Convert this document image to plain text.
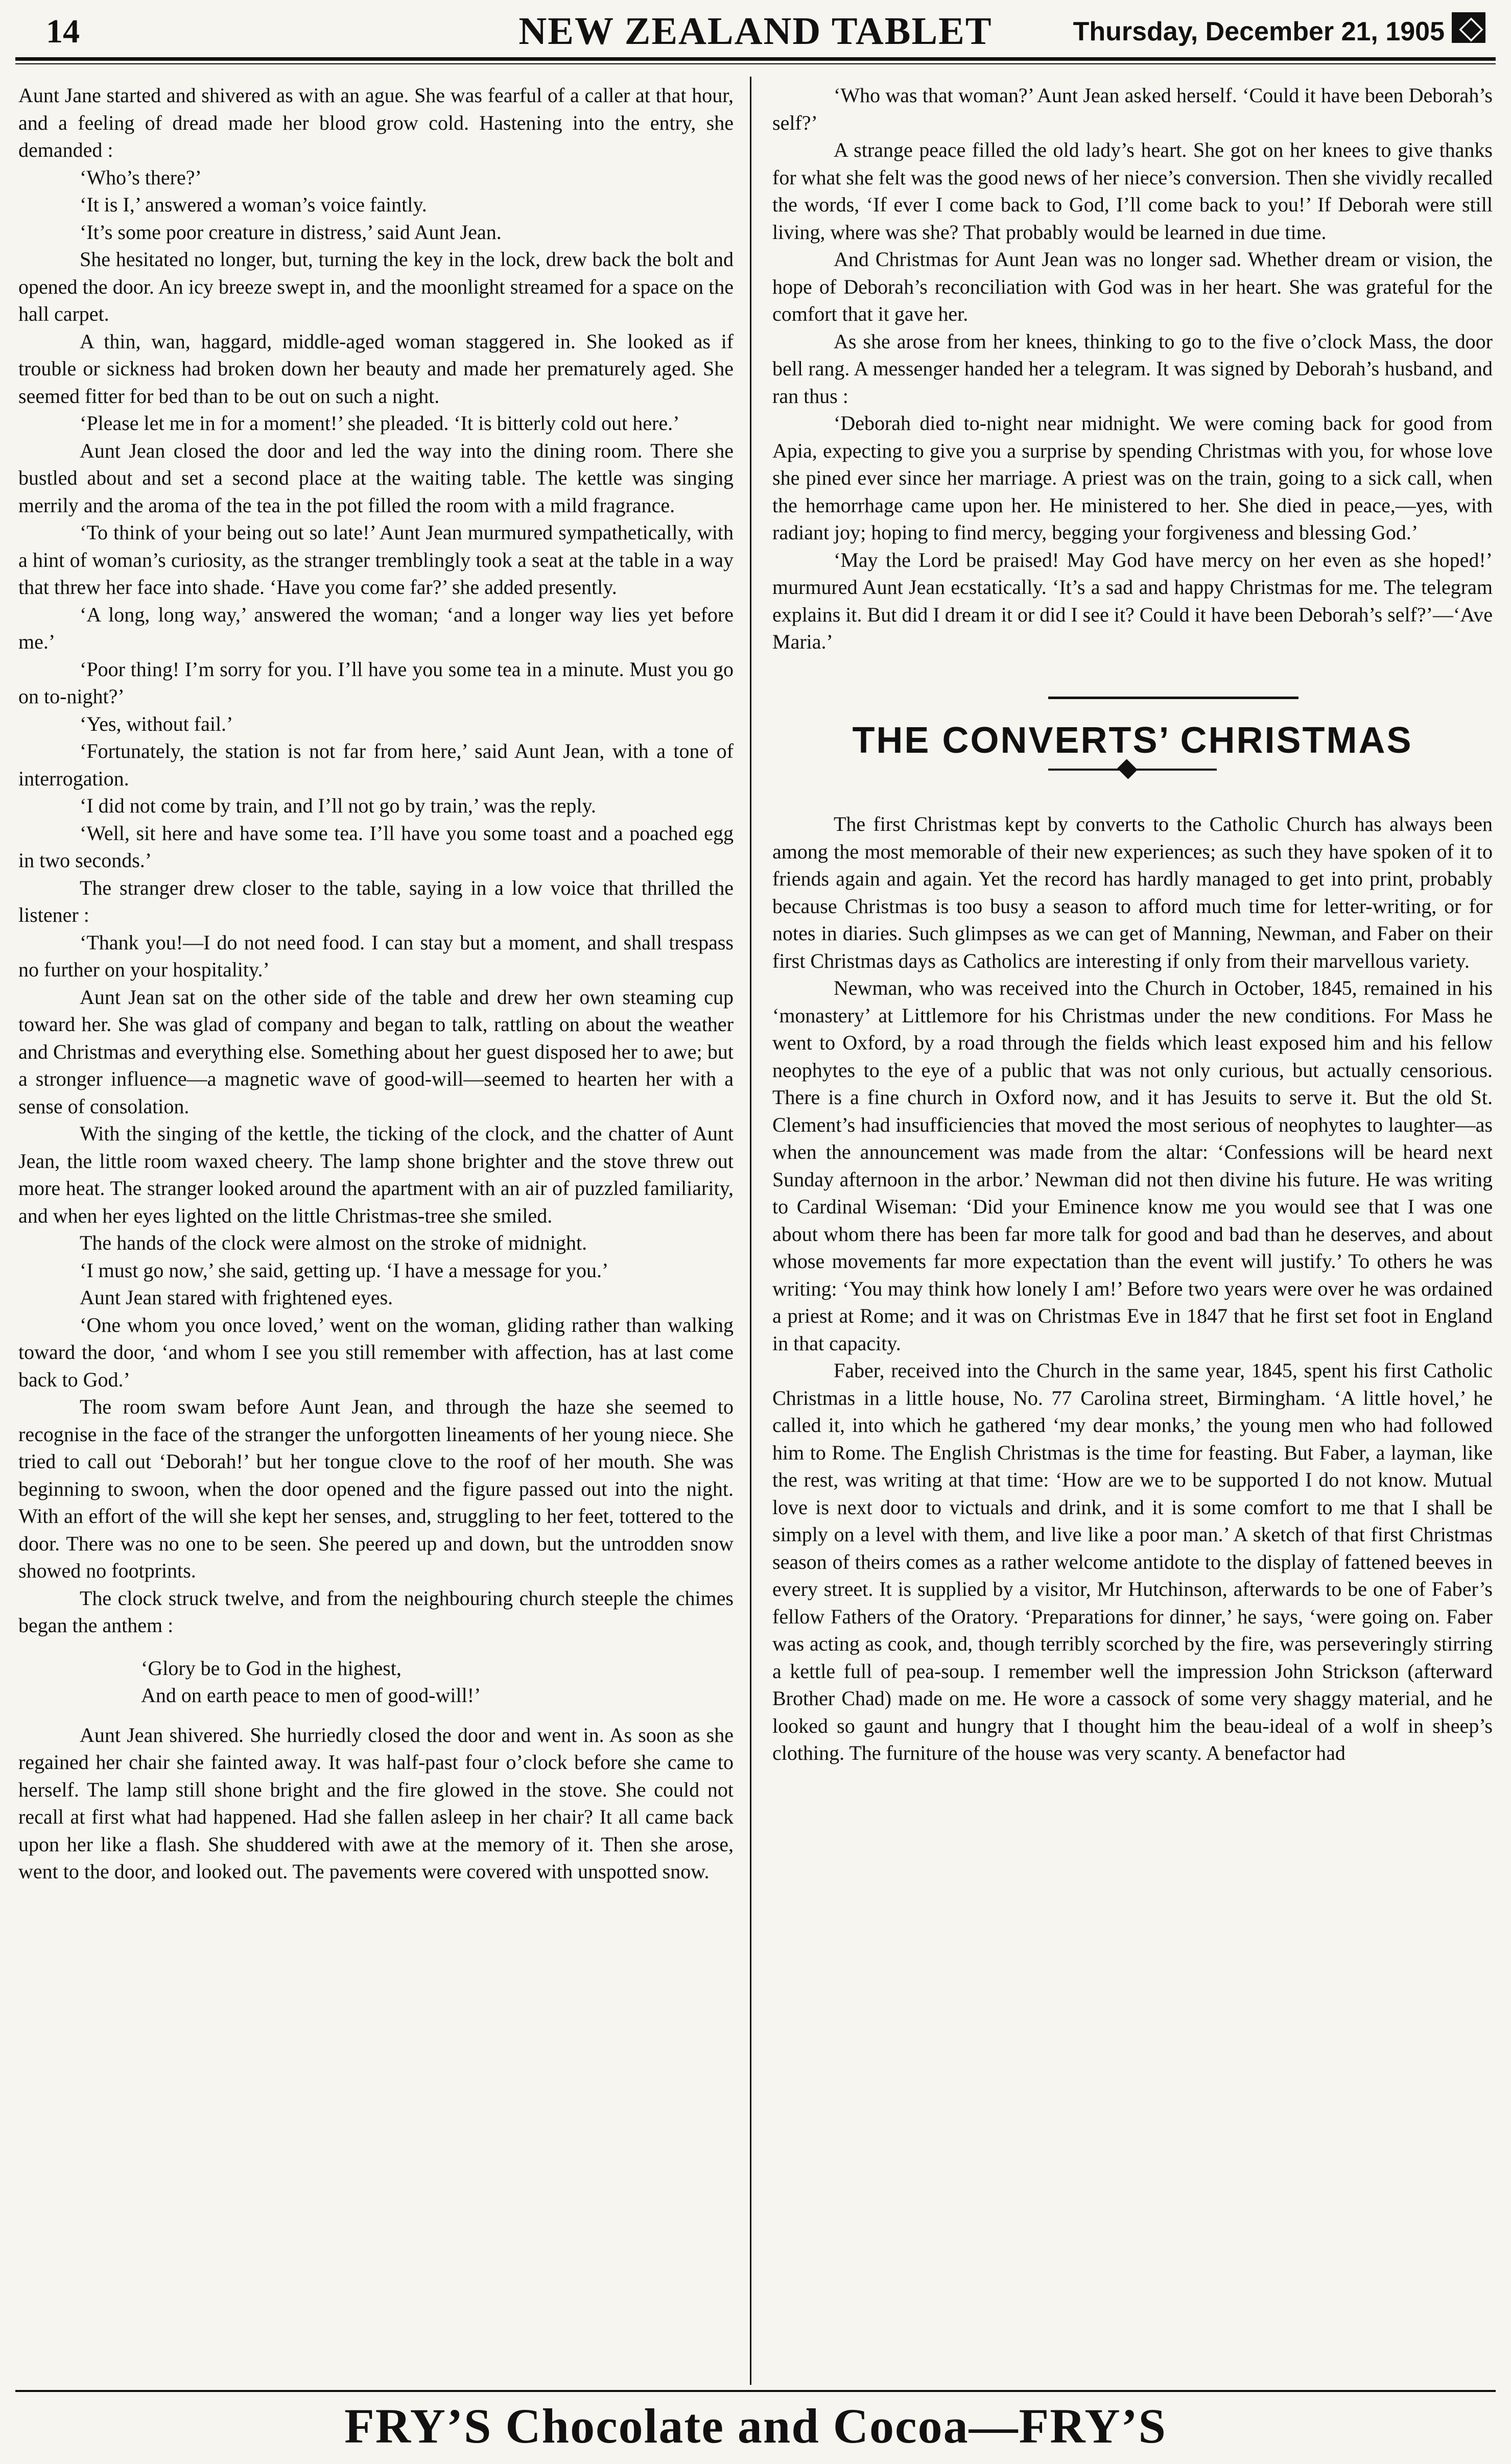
14	NEW ZEALAND TABLET	Thursday, December 21, 1905

Aunt Jane started and shivered as with an ague. She was fearful of a caller at that hour, and a feeling of dread made her blood grow cold. Hastening into the entry, she demanded :

‘Who’s there?’

‘It is I,’ answered a woman’s voice faintly.

‘It’s some poor creature in distress,’ said Aunt Jean.

She hesitated no longer, but, turning the key in the lock, drew back the bolt and opened the door. An icy breeze swept in, and the moonlight streamed for a space on the hall carpet.

A thin, wan, haggard, middle-aged woman staggered in. She looked as if trouble or sickness had broken down her beauty and made her prematurely aged. She seemed fitter for bed than to be out on such a night.

‘Please let me in for a moment!’ she pleaded. ‘It is bitterly cold out here.’

Aunt Jean closed the door and led the way into the dining room. There she bustled about and set a second place at the waiting table. The kettle was singing merrily and the aroma of the tea in the pot filled the room with a mild fragrance.

‘To think of your being out so late!’ Aunt Jean murmured sympathetically, with a hint of woman’s curiosity, as the stranger tremblingly took a seat at the table in a way that threw her face into shade. ‘Have you come far?’ she added presently.

‘A long, long way,’ answered the woman; ‘and a longer way lies yet before me.’

‘Poor thing! I’m sorry for you. I’ll have you some tea in a minute. Must you go on to-night?’

‘Yes, without fail.’

‘Fortunately, the station is not far from here,’ said Aunt Jean, with a tone of interrogation.

‘I did not come by train, and I’ll not go by train,’ was the reply.

‘Well, sit here and have some tea. I’ll have you some toast and a poached egg in two seconds.’

The stranger drew closer to the table, saying in a low voice that thrilled the listener :

‘Thank you!—I do not need food. I can stay but a moment, and shall trespass no further on your hospitality.’

Aunt Jean sat on the other side of the table and drew her own steaming cup toward her. She was glad of company and began to talk, rattling on about the weather and Christmas and everything else. Something about her guest disposed her to awe; but a stronger influence—a magnetic wave of good-will—seemed to hearten her with a sense of consolation.

With the singing of the kettle, the ticking of the clock, and the chatter of Aunt Jean, the little room waxed cheery. The lamp shone brighter and the stove threw out more heat. The stranger looked around the apartment with an air of puzzled familiarity, and when her eyes lighted on the little Christmas-tree she smiled.

The hands of the clock were almost on the stroke of midnight.

‘I must go now,’ she said, getting up. ‘I have a message for you.’

Aunt Jean stared with frightened eyes.

‘One whom you once loved,’ went on the woman, gliding rather than walking toward the door, ‘and whom I see you still remember with affection, has at last come back to God.’

The room swam before Aunt Jean, and through the haze she seemed to recognise in the face of the stranger the unforgotten lineaments of her young niece. She tried to call out ‘Deborah!’ but her tongue clove to the roof of her mouth. She was beginning to swoon, when the door opened and the figure passed out into the night. With an effort of the will she kept her senses, and, struggling to her feet, tottered to the door. There was no one to be seen. She peered up and down, but the untrodden snow showed no footprints.

The clock struck twelve, and from the neighbouring church steeple the chimes began the anthem :

‘Glory be to God in the highest,
And on earth peace to men of good-will!’

Aunt Jean shivered. She hurriedly closed the door and went in. As soon as she regained her chair she fainted away. It was half-past four o’clock before she came to herself. The lamp still shone bright and the fire glowed in the stove. She could not recall at first what had happened. Had she fallen asleep in her chair? It all came back upon her like a flash. She shuddered with awe at the memory of it. Then she arose, went to the door, and looked out. The pavements were covered with unspotted snow.

‘Who was that woman?’ Aunt Jean asked herself. ‘Could it have been Deborah’s self?’

A strange peace filled the old lady’s heart. She got on her knees to give thanks for what she felt was the good news of her niece’s conversion. Then she vividly recalled the words, ‘If ever I come back to God, I’ll come back to you!’ If Deborah were still living, where was she? That probably would be learned in due time.

And Christmas for Aunt Jean was no longer sad. Whether dream or vision, the hope of Deborah’s reconciliation with God was in her heart. She was grateful for the comfort that it gave her.

As she arose from her knees, thinking to go to the five o’clock Mass, the door bell rang. A messenger handed her a telegram. It was signed by Deborah’s husband, and ran thus :

‘Deborah died to-night near midnight. We were coming back for good from Apia, expecting to give you a surprise by spending Christmas with you, for whose love she pined ever since her marriage. A priest was on the train, going to a sick call, when the hemorrhage came upon her. He ministered to her. She died in peace,—yes, with radiant joy; hoping to find mercy, begging your forgiveness and blessing God.’

‘May the Lord be praised! May God have mercy on her even as she hoped!’ murmured Aunt Jean ecstatically. ‘It’s a sad and happy Christmas for me. The telegram explains it. But did I dream it or did I see it? Could it have been Deborah’s self?’—‘Ave Maria.’

THE CONVERTS’ CHRISTMAS

The first Christmas kept by converts to the Catholic Church has always been among the most memorable of their new experiences; as such they have spoken of it to friends again and again. Yet the record has hardly managed to get into print, probably because Christmas is too busy a season to afford much time for letter-writing, or for notes in diaries. Such glimpses as we can get of Manning, Newman, and Faber on their first Christmas days as Catholics are interesting if only from their marvellous variety.

Newman, who was received into the Church in October, 1845, remained in his ‘monastery’ at Littlemore for his Christmas under the new conditions. For Mass he went to Oxford, by a road through the fields which least exposed him and his fellow neophytes to the eye of a public that was not only curious, but actually censorious. There is a fine church in Oxford now, and it has Jesuits to serve it. But the old St. Clement’s had insufficiencies that moved the most serious of neophytes to laughter—as when the announcement was made from the altar: ‘Confessions will be heard next Sunday afternoon in the arbor.’ Newman did not then divine his future. He was writing to Cardinal Wiseman: ‘Did your Eminence know me you would see that I was one about whom there has been far more talk for good and bad than he deserves, and about whose movements far more expectation than the event will justify.’ To others he was writing: ‘You may think how lonely I am!’ Before two years were over he was ordained a priest at Rome; and it was on Christmas Eve in 1847 that he first set foot in England in that capacity.

Faber, received into the Church in the same year, 1845, spent his first Catholic Christmas in a little house, No. 77 Carolina street, Birmingham. ‘A little hovel,’ he called it, into which he gathered ‘my dear monks,’ the young men who had followed him to Rome. The English Christmas is the time for feasting. But Faber, a layman, like the rest, was writing at that time: ‘How are we to be supported I do not know. Mutual love is next door to victuals and drink, and it is some comfort to me that I shall be simply on a level with them, and live like a poor man.’ A sketch of that first Christmas season of theirs comes as a rather welcome antidote to the display of fattened beeves in every street. It is supplied by a visitor, Mr Hutchinson, afterwards to be one of Faber’s fellow Fathers of the Oratory. ‘Preparations for dinner,’ he says, ‘were going on. Faber was acting as cook, and, though terribly scorched by the fire, was perseveringly stirring a kettle full of pea-soup. I remember well the impression John Strickson (afterward Brother Chad) made on me. He wore a cassock of some very shaggy material, and he looked so gaunt and hungry that I thought him the beau-ideal of a wolf in sheep’s clothing. The furniture of the house was very scanty. A benefactor had

FRY’S Chocolate and Cocoa—FRY’S
